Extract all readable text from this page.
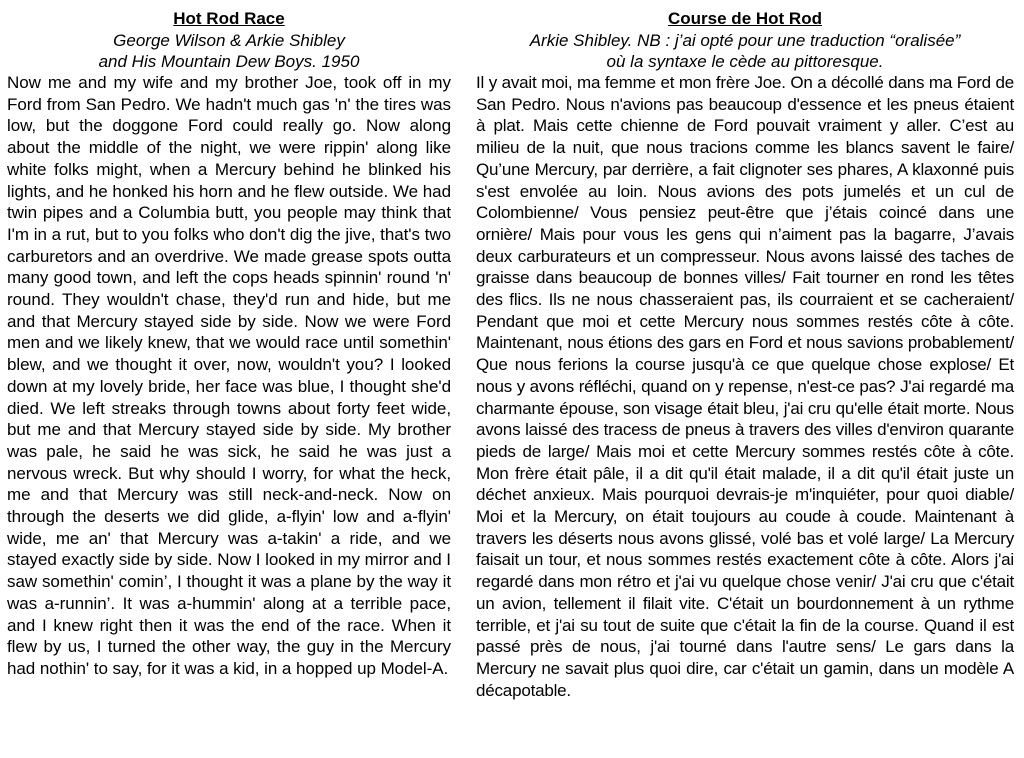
Hot Rod Race

George Wilson & Arkie Shibley

and His Mountain Dew Boys. 1950

Now me and my wife and my brother Joe, took off in my Ford from San Pedro. We hadn't much gas 'n' the tires was low, but the doggone Ford could really go. Now along about the middle of the night, we were rippin' along like white folks might, when a Mercury behind he blinked his lights, and he honked his horn and he flew outside. We had twin pipes and a Columbia butt, you people may think that I'm in a rut, but to you folks who don't dig the jive, that's two carburetors and an overdrive. We made grease spots outta many good town, and left the cops heads spinnin' round 'n' round. They wouldn't chase, they'd run and hide, but me and that Mercury stayed side by side. Now we were Ford men and we likely knew, that we would race until somethin' blew, and we thought it over, now, wouldn't you? I looked down at my lovely bride, her face was blue, I thought she'd died. We left streaks through towns about forty feet wide, but me and that Mercury stayed side by side. My brother was pale, he said he was sick, he said he was just a nervous wreck. But why should I worry, for what the heck, me and that Mercury was still neck-and-neck. Now on through the deserts we did glide, a-flyin' low and a-flyin' wide, me an' that Mercury was a-takin' a ride, and we stayed exactly side by side. Now I looked in my mirror and I saw somethin' comin’, I thought it was a plane by the way it was a-runnin’. It was a-hummin' along at a terrible pace, and I knew right then it was the end of the race. When it flew by us, I turned the other way, the guy in the Mercury had nothin' to say, for it was a kid, in a hopped up Model-A.

Course de Hot Rod

Arkie Shibley. NB : j’ai opté pour une traduction “oralisée”

où la syntaxe le cède au pittoresque.

Il y avait moi, ma femme et mon frère Joe. On a décollé dans ma Ford de San Pedro. Nous n'avions pas beaucoup d'essence et les pneus étaient à plat. Mais cette chienne de Ford pouvait vraiment y aller. C’est au milieu de la nuit, que nous tracions comme les blancs savent le faire/ Qu’une Mercury, par derrière, a fait clignoter ses phares, A klaxonné puis s'est envolée au loin. Nous avions des pots jumelés et un cul de Colombienne/ Vous pensiez peut-être que j’étais coincé dans une ornière/ Mais pour vous les gens qui n’aiment pas la bagarre, J’avais deux carburateurs et un compresseur. Nous avons laissé des taches de graisse dans beaucoup de bonnes villes/ Fait tourner en rond les têtes des flics. Ils ne nous chasseraient pas, ils courraient et se cacheraient/ Pendant que moi et cette Mercury nous sommes restés côte à côte. Maintenant, nous étions des gars en Ford et nous savions probablement/ Que nous ferions la course jusqu'à ce que quelque chose explose/ Et nous y avons réfléchi, quand on y repense, n'est-ce pas? J'ai regardé ma charmante épouse, son visage était bleu, j'ai cru qu'elle était morte. Nous avons laissé des tracess de pneus à travers des villes d'environ quarante pieds de large/ Mais moi et cette Mercury sommes restés côte à côte. Mon frère était pâle, il a dit qu'il était malade, il a dit qu'il était juste un déchet anxieux. Mais pourquoi devrais-je m'inquiéter, pour quoi diable/ Moi et la Mercury, on était toujours au coude à coude. Maintenant à travers les déserts nous avons glissé, volé bas et volé large/ La Mercury faisait un tour, et nous sommes restés exactement côte à côte. Alors j'ai regardé dans mon rétro et j'ai vu quelque chose venir/ J'ai cru que c'était un avion, tellement il filait vite. C'était un bourdonnement à un rythme terrible, et j'ai su tout de suite que c'était la fin de la course. Quand il est passé près de nous, j'ai tourné dans l'autre sens/ Le gars dans la Mercury ne savait plus quoi dire, car c'était un gamin, dans un modèle A décapotable.
